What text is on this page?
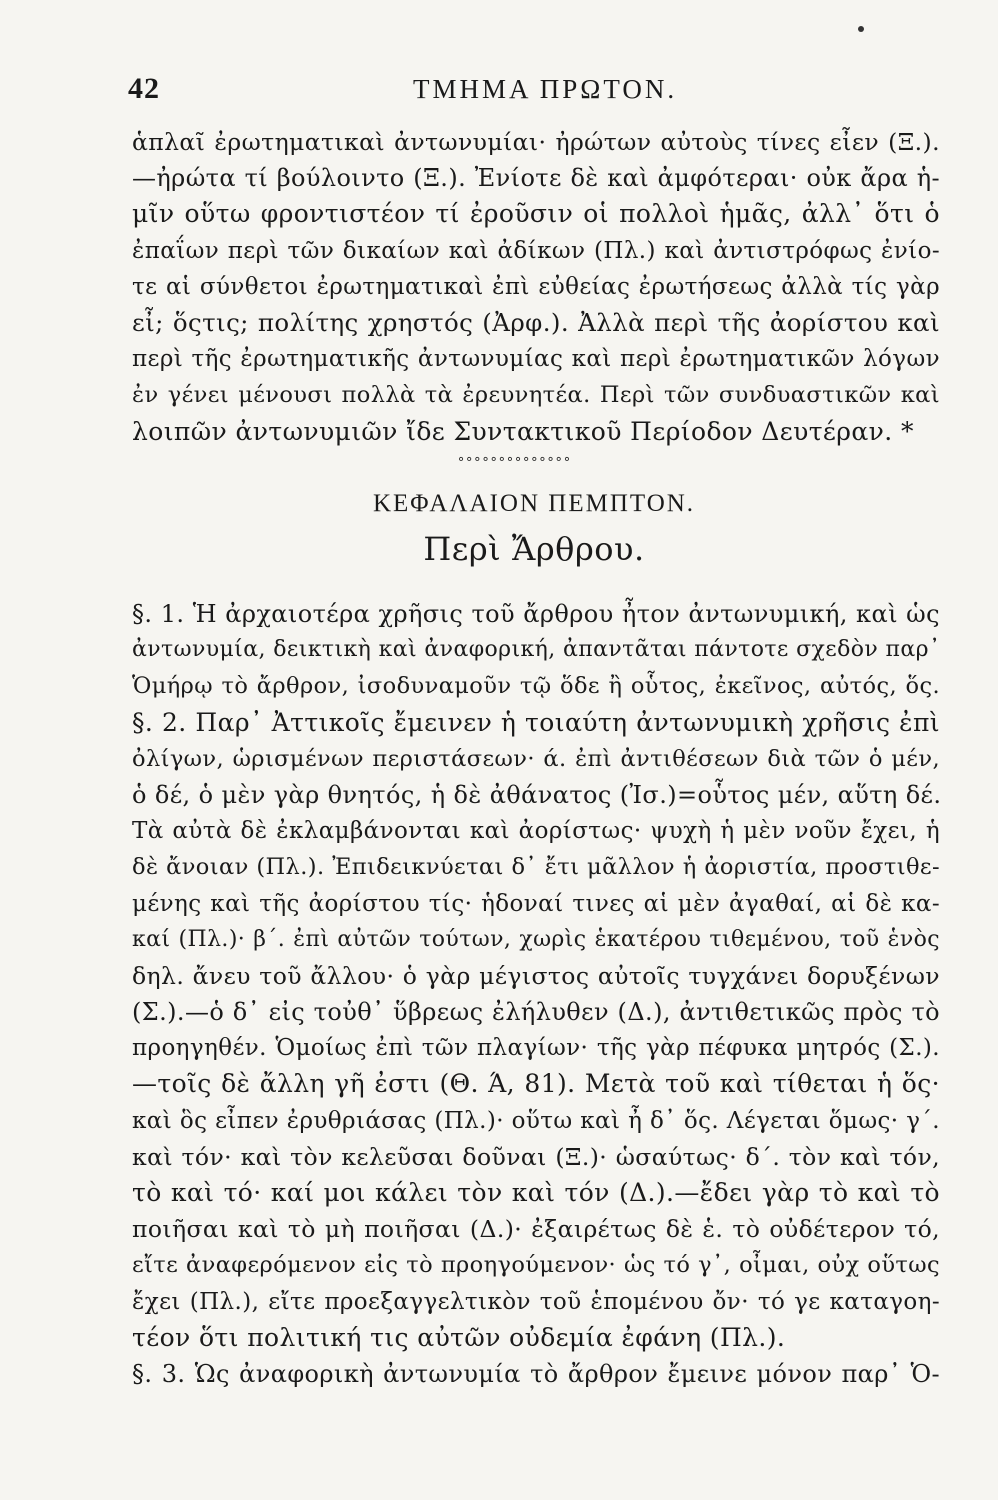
42	ΤΜΗΜΑ ΠΡΩΤΟΝ.
ἁπλαῖ ἐρωτηματικαὶ ἀντωνυμίαι· ἠρώτων αὐτοὺς τίνες εἶεν (Ξ.).
—ἠρώτα τί βούλοιντο (Ξ.). Ἐνίοτε δὲ καὶ ἀμφότεραι· οὐκ ἄρα ἡ-
μῖν οὕτω φροντιστέον τί ἐροῦσιν οἱ πολλοὶ ἡμᾶς, ἀλλ᾽ ὅτι ὁ
ἐπαΐων περὶ τῶν δικαίων καὶ ἀδίκων (Πλ.) καὶ ἀντιστρόφως ἐνίο-
τε αἱ σύνθετοι ἐρωτηματικαὶ ἐπὶ εὐθείας ἐρωτήσεως ἀλλὰ τίς γὰρ
εἶ; ὅςτις; πολίτης χρηστός (Ἀρφ.). Ἀλλὰ περὶ τῆς ἀορίστου καὶ
περὶ τῆς ἐρωτηματικῆς ἀντωνυμίας καὶ περὶ ἐρωτηματικῶν λόγων
ἐν γένει μένουσι πολλὰ τὰ ἐρευνητέα. Περὶ τῶν συνδυαστικῶν καὶ
λοιπῶν ἀντωνυμιῶν ἴδε Συντακτικοῦ Περίοδον Δευτέραν. *
∘∘∘∘∘∘∘∘∘∘∘∘∘∘
ΚΕΦΑΛΑΙΟΝ ΠΕΜΠΤΟΝ.
Περὶ Ἄρθρου.
§. 1. Ἡ ἀρχαιοτέρα χρῆσις τοῦ ἄρθρου ἦτον ἀντωνυμική, καὶ ὡς
ἀντωνυμία, δεικτικὴ καὶ ἀναφορική, ἀπαντᾶται πάντοτε σχεδὸν παρ᾽
Ὁμήρῳ τὸ ἄρθρον, ἰσοδυναμοῦν τῷ ὅδε ἢ οὗτος, ἐκεῖνος, αὐτός, ὅς.
§. 2. Παρ᾽ Ἀττικοῖς ἔμεινεν ἡ τοιαύτη ἀντωνυμικὴ χρῆσις ἐπὶ
ὀλίγων, ὡρισμένων περιστάσεων· ά. ἐπὶ ἀντιθέσεων διὰ τῶν ὁ μέν,
ὁ δέ, ὁ μὲν γὰρ θνητός, ἡ δὲ ἀθάνατος (Ἰσ.)=οὗτος μέν, αὕτη δέ.
Τὰ αὐτὰ δὲ ἐκλαμβάνονται καὶ ἀορίστως· ψυχὴ ἡ μὲν νοῦν ἔχει, ἡ
δὲ ἄνοιαν (Πλ.). Ἐπιδεικνύεται δ᾽ ἔτι μᾶλλον ἡ ἀοριστία, προστιθε-
μένης καὶ τῆς ἀορίστου τίς· ἡδοναί τινες αἱ μὲν ἀγαθαί, αἱ δὲ κα-
καί (Πλ.)· β΄. ἐπὶ αὐτῶν τούτων, χωρὶς ἑκατέρου τιθεμένου, τοῦ ἑνὸς
δηλ. ἄνευ τοῦ ἄλλου· ὁ γὰρ μέγιστος αὐτοῖς τυγχάνει δορυξένων
(Σ.).—ὁ δ᾽ εἰς τοὐθ᾽ ὕβρεως ἐλήλυθεν (Δ.), ἀντιθετικῶς πρὸς τὸ
προηγηθέν. Ὁμοίως ἐπὶ τῶν πλαγίων· τῆς γὰρ πέφυκα μητρός (Σ.).
—τοῖς δὲ ἄλλη γῆ ἐστι (Θ. Ά, 81). Μετὰ τοῦ καὶ τίθεται ἡ ὅς·
καὶ ὃς εἶπεν ἐρυθριάσας (Πλ.)· οὕτω καὶ ἦ δ᾽ ὅς. Λέγεται ὅμως· γ΄.
καὶ τόν· καὶ τὸν κελεῦσαι δοῦναι (Ξ.)· ὡσαύτως· δ΄. τὸν καὶ τόν,
τὸ καὶ τό· καί μοι κάλει τὸν καὶ τόν (Δ.).—ἔδει γὰρ τὸ καὶ τὸ
ποιῆσαι καὶ τὸ μὴ ποιῆσαι (Δ.)· ἐξαιρέτως δὲ ἑ. τὸ οὐδέτερον τό,
εἴτε ἀναφερόμενον εἰς τὸ προηγούμενον· ὡς τό γ᾽, οἶμαι, οὐχ οὕτως
ἔχει (Πλ.), εἴτε προεξαγγελτικὸν τοῦ ἑπομένου ὄν· τό γε καταγοη-
τέον ὅτι πολιτική τις αὐτῶν οὐδεμία ἐφάνη (Πλ.).
§. 3. Ὡς ἀναφορικὴ ἀντωνυμία τὸ ἄρθρον ἔμεινε μόνον παρ᾽ Ὁ-
